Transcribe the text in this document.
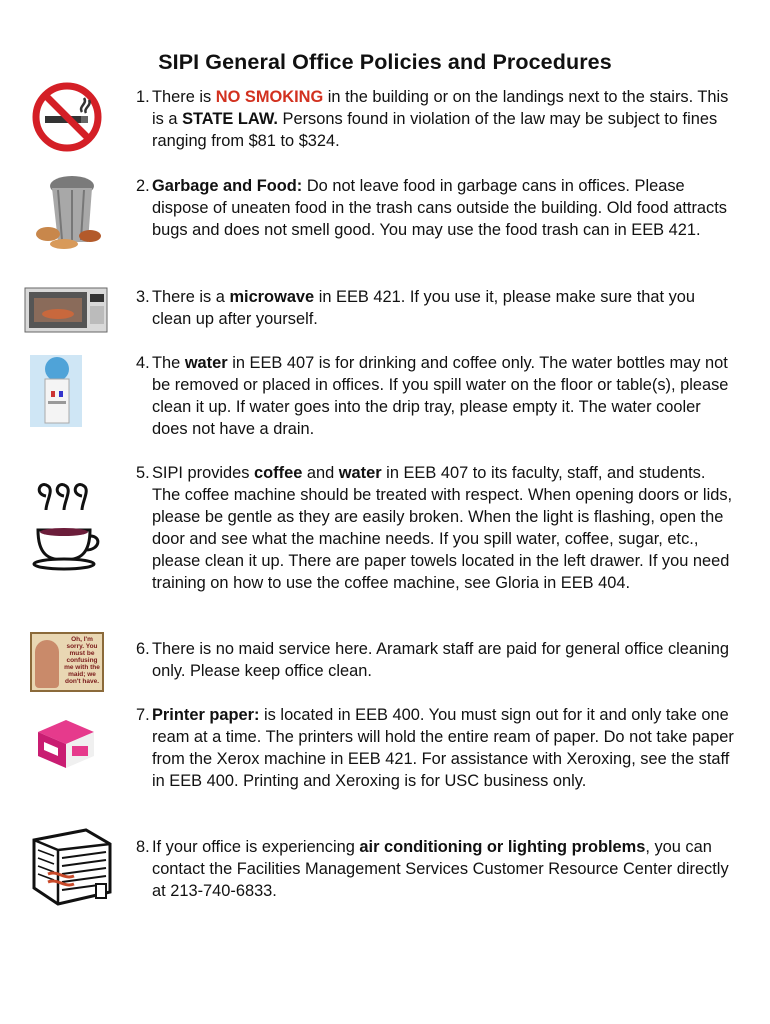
SIPI General Office Policies and Procedures
1. There is NO SMOKING in the building or on the landings next to the stairs. This is a STATE LAW. Persons found in violation of the law may be subject to fines ranging from $81 to $324.
2. Garbage and Food: Do not leave food in garbage cans in offices. Please dispose of uneaten food in the trash cans outside the building. Old food attracts bugs and does not smell good. You may use the food trash can in EEB 421.
3. There is a microwave in EEB 421. If you use it, please make sure that you clean up after yourself.
4. The water in EEB 407 is for drinking and coffee only. The water bottles may not be removed or placed in offices. If you spill water on the floor or table(s), please clean it up. If water goes into the drip tray, please empty it. The water cooler does not have a drain.
5. SIPI provides coffee and water in EEB 407 to its faculty, staff, and students. The coffee machine should be treated with respect. When opening doors or lids, please be gentle as they are easily broken. When the light is flashing, open the door and see what the machine needs. If you spill water, coffee, sugar, etc., please clean it up. There are paper towels located in the left drawer. If you need training on how to use the coffee machine, see Gloria in EEB 404.
6. There is no maid service here. Aramark staff are paid for general office cleaning only. Please keep office clean.
7. Printer paper: is located in EEB 400. You must sign out for it and only take one ream at a time. The printers will hold the entire ream of paper. Do not take paper from the Xerox machine in EEB 421. For assistance with Xeroxing, see the staff in EEB 400. Printing and Xeroxing is for USC business only.
8. If your office is experiencing air conditioning or lighting problems, you can contact the Facilities Management Services Customer Resource Center directly at 213-740-6833.
Oh, I'm sorry. You must be confusing me with the maid; we don't have.
